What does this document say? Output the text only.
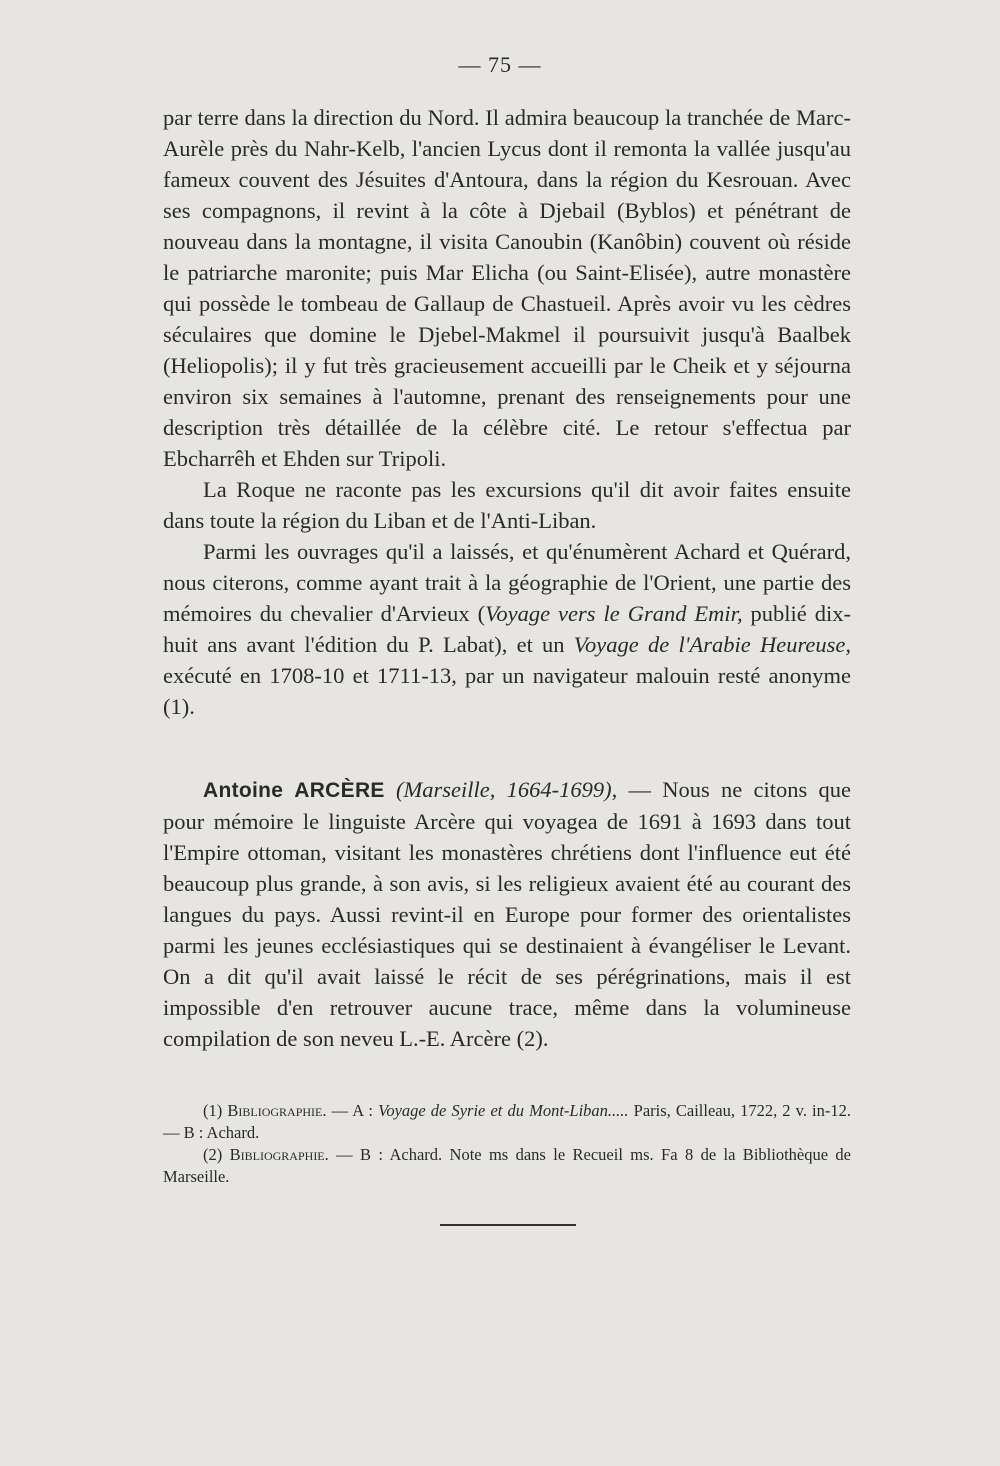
— 75 —

par terre dans la direction du Nord. Il admira beaucoup la tranchée de Marc-Aurèle près du Nahr-Kelb, l'ancien Lycus dont il remonta la vallée jusqu'au fameux couvent des Jésuites d'Antoura, dans la région du Kesrouan. Avec ses compagnons, il revint à la côte à Djebail (Byblos) et pénétrant de nouveau dans la montagne, il visita Canoubin (Kanôbin) couvent où réside le patriarche maronite; puis Mar Elicha (ou Saint-Elisée), autre monastère qui possède le tombeau de Gallaup de Chastueil. Après avoir vu les cèdres séculaires que domine le Djebel-Makmel il poursuivit jusqu'à Baalbek (Heliopolis); il y fut très gracieusement accueilli par le Cheik et y séjourna environ six semaines à l'automne, prenant des renseignements pour une description très détaillée de la célèbre cité. Le retour s'effectua par Ebcharrêh et Ehden sur Tripoli.

La Roque ne raconte pas les excursions qu'il dit avoir faites ensuite dans toute la région du Liban et de l'Anti-Liban.

Parmi les ouvrages qu'il a laissés, et qu'énumèrent Achard et Quérard, nous citerons, comme ayant trait à la géographie de l'Orient, une partie des mémoires du chevalier d'Arvieux (Voyage vers le Grand Emir, publié dix-huit ans avant l'édition du P. Labat), et un Voyage de l'Arabie Heureuse, exécuté en 1708-10 et 1711-13, par un navigateur malouin resté anonyme (1).

Antoine ARCÈRE (Marseille, 1664-1699), — Nous ne citons que pour mémoire le linguiste Arcère qui voyagea de 1691 à 1693 dans tout l'Empire ottoman, visitant les monastères chrétiens dont l'influence eut été beaucoup plus grande, à son avis, si les religieux avaient été au courant des langues du pays. Aussi revint-il en Europe pour former des orientalistes parmi les jeunes ecclésiastiques qui se destinaient à évangéliser le Levant. On a dit qu'il avait laissé le récit de ses pérégrinations, mais il est impossible d'en retrouver aucune trace, même dans la volumineuse compilation de son neveu L.-E. Arcère (2).

(1) Bibliographie. — A : Voyage de Syrie et du Mont-Liban..... Paris, Cailleau, 1722, 2 v. in-12. — B : Achard.

(2) Bibliographie. — B : Achard. Note ms dans le Recueil ms. Fa 8 de la Bibliothèque de Marseille.
